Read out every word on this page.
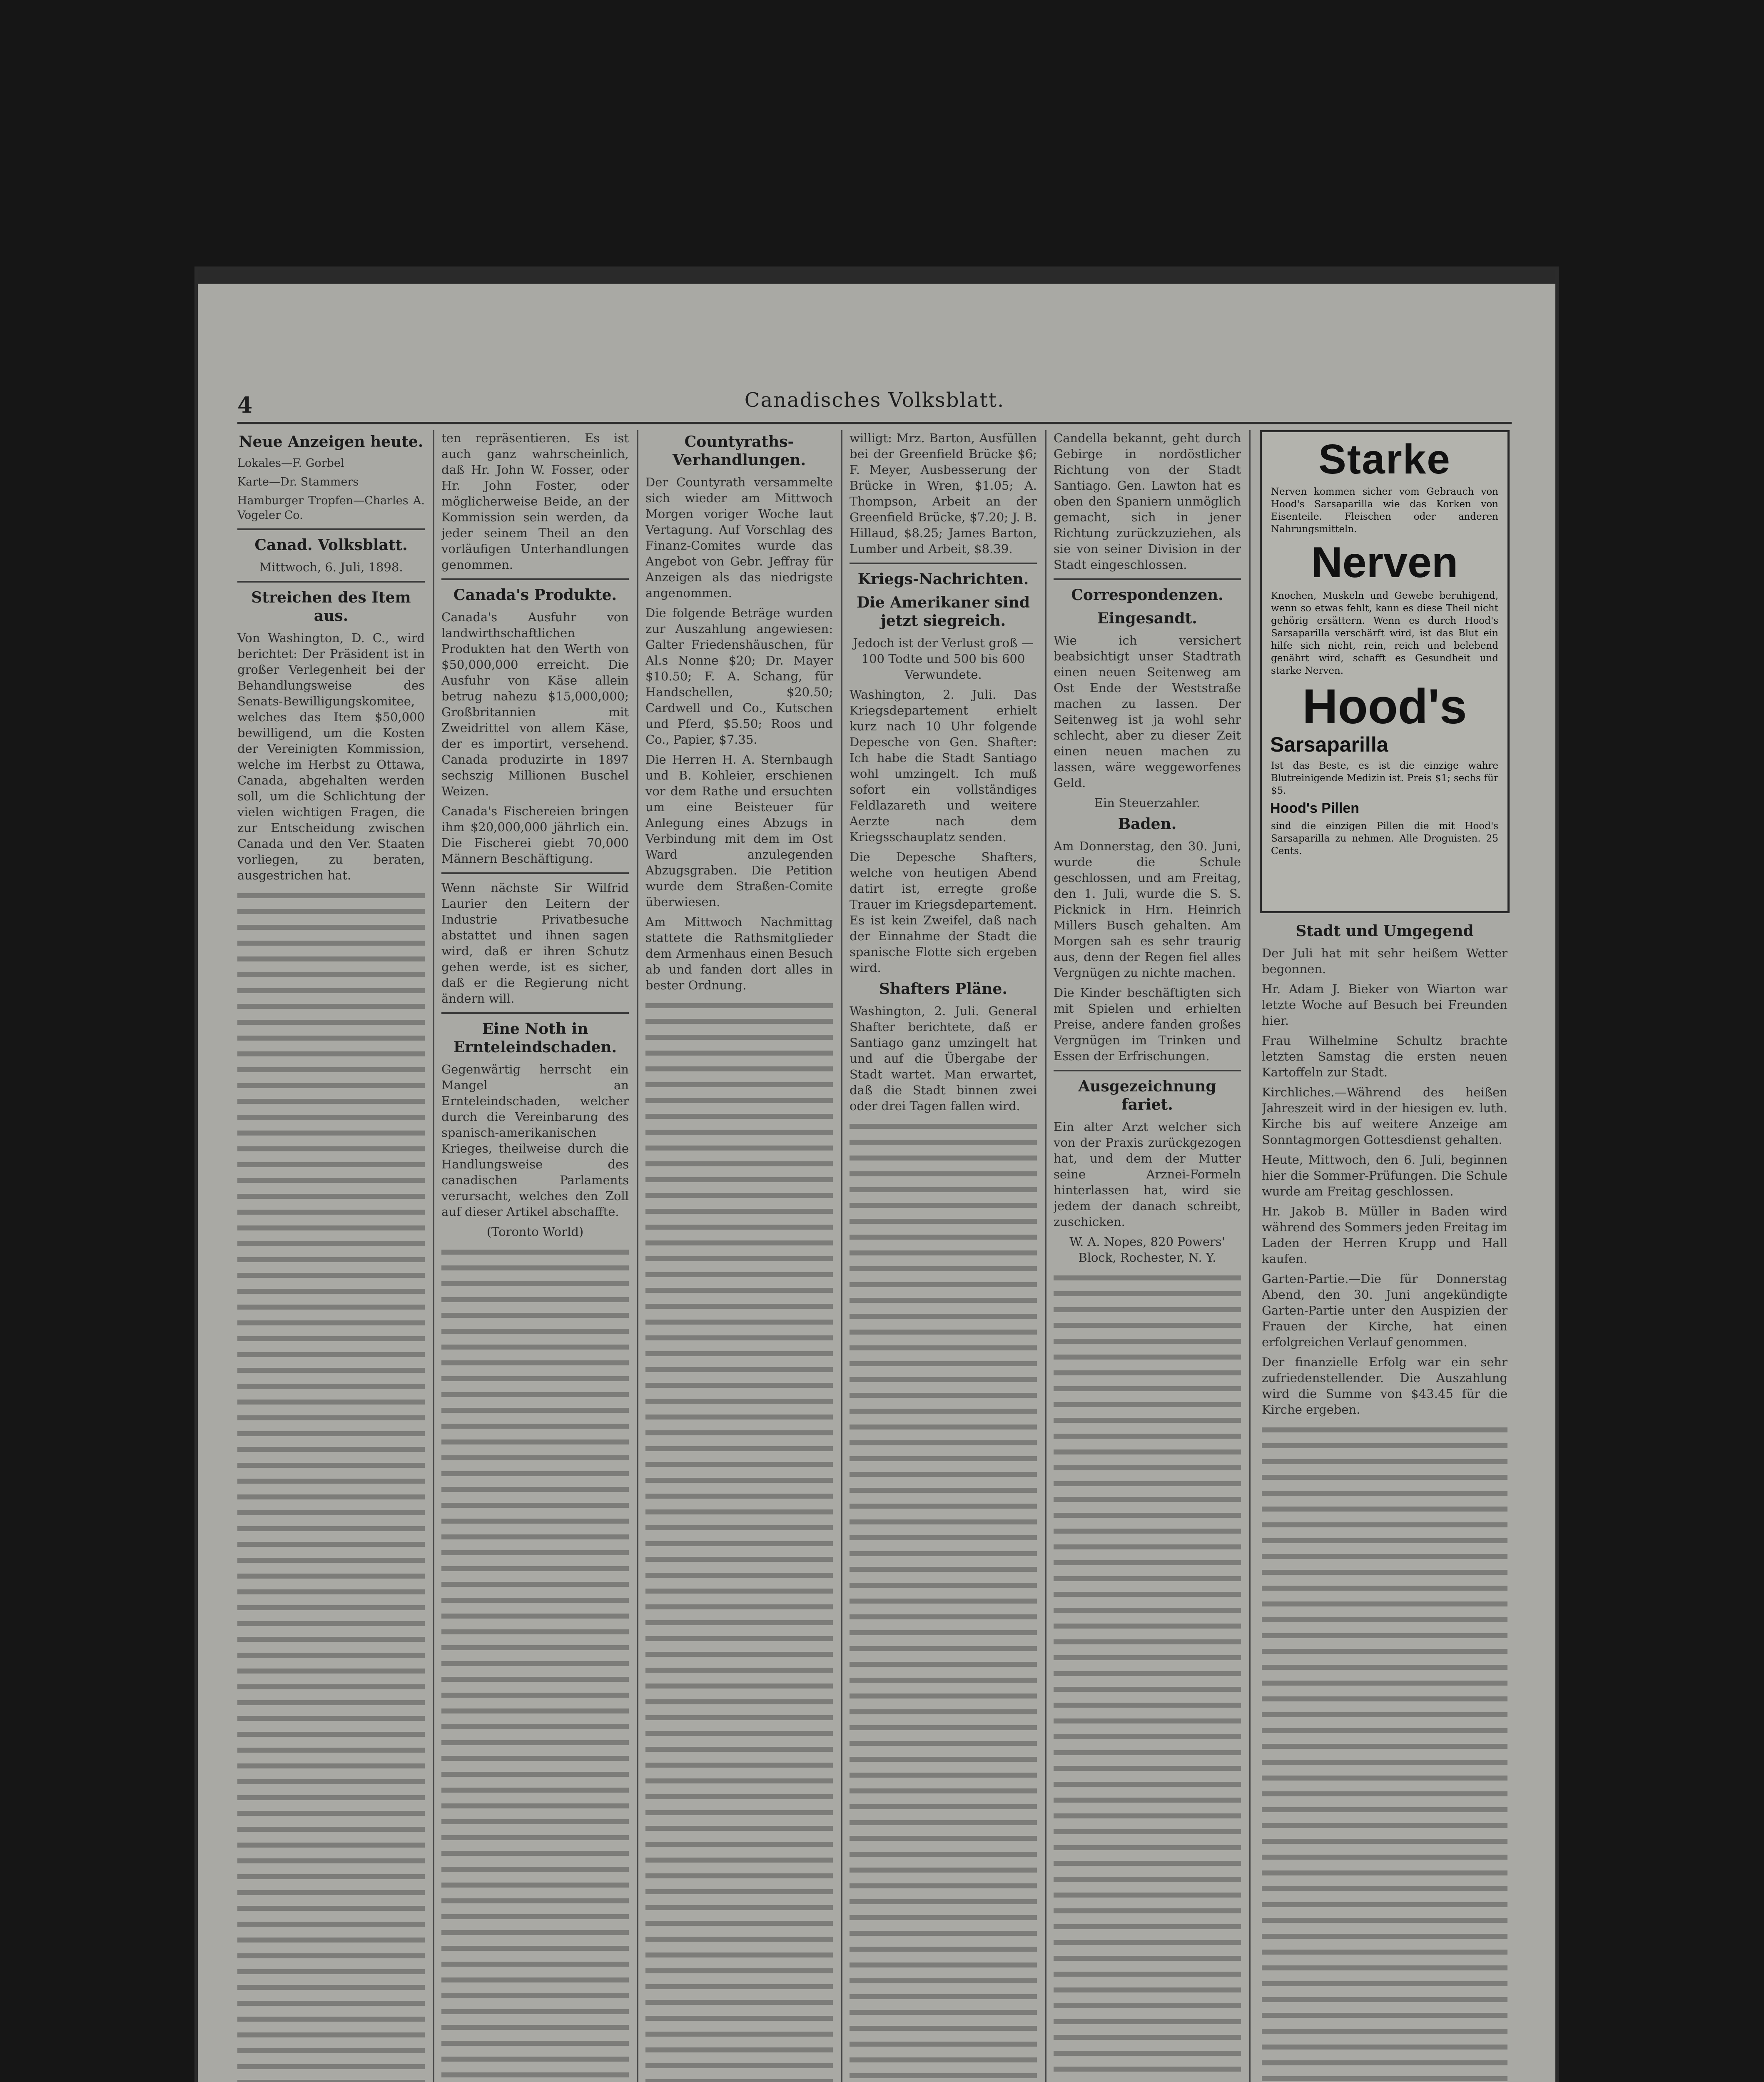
4	Canadisches Volksblatt.
Neue Anzeigen heute.

Lokales—F. Gorbel

Karte—Dr. Stammers

Hamburger Tropfen—Charles A. Vogeler Co.

Canad. Volksblatt.

Mittwoch, 6. Juli, 1898.

Streichen des Item aus.

Von Washington, D. C., wird berichtet: Der Präsident ist in großer Verlegenheit bei der Behandlungsweise des Senats-Bewilligungskomitee, welches das Item $50,000 bewilligend, um die Kosten der Vereinigten Kommission, welche im Herbst zu Ottawa, Canada, abgehalten werden soll, um die Schlichtung der vielen wichtigen Fragen, die zur Entscheidung zwischen Canada und den Ver. Staaten vorliegen, zu beraten, ausgestrichen hat.

ten repräsentieren. Es ist auch ganz wahrscheinlich, daß Hr. John W. Fosser, oder Hr. John Foster, oder möglicherweise Beide, an der Kommission sein werden, da jeder seinem Theil an den vorläufigen Unterhandlungen genommen.

Canada's Produkte.

Canada's Ausfuhr von landwirthschaftlichen Produkten hat den Werth von $50,000,000 erreicht. Die Ausfuhr von Käse allein betrug nahezu $15,000,000; Großbritannien mit Zweidrittel von allem Käse, der es importirt, versehend. Canada produzirte in 1897 sechszig Millionen Buschel Weizen.

Canada's Fischereien bringen ihm $20,000,000 jährlich ein. Die Fischerei giebt 70,000 Männern Beschäftigung.

Wenn nächste Sir Wilfrid Laurier den Leitern der Industrie Privatbesuche abstattet und ihnen sagen wird, daß er ihren Schutz gehen werde, ist es sicher, daß er die Regierung nicht ändern will.

Eine Noth in Ernteleindschaden.

Gegenwärtig herrscht ein Mangel an Ernteleindschaden, welcher durch die Vereinbarung des spanisch-amerikanischen Krieges, theilweise durch die Handlungsweise des canadischen Parlaments verursacht, welches den Zoll auf dieser Artikel abschaffte.

(Toronto World)

Countyraths-Verhandlungen.

Der Countyrath versammelte sich wieder am Mittwoch Morgen voriger Woche laut Vertagung. Auf Vorschlag des Finanz-Comites wurde das Angebot von Gebr. Jeffray für Anzeigen als das niedrigste angenommen.

Die folgende Beträge wurden zur Auszahlung angewiesen: Galter Friedenshäuschen, für Al.s Nonne $20; Dr. Mayer $10.50; F. A. Schang, für Handschellen, $20.50; Cardwell und Co., Kutschen und Pferd, $5.50; Roos und Co., Papier, $7.35.

Die Herren H. A. Sternbaugh und B. Kohleier, erschienen vor dem Rathe und ersuchten um eine Beisteuer für Anlegung eines Abzugs in Verbindung mit dem im Ost Ward anzulegenden Abzugsgraben. Die Petition wurde dem Straßen-Comite überwiesen.

Am Mittwoch Nachmittag stattete die Rathsmitglieder dem Armenhaus einen Besuch ab und fanden dort alles in bester Ordnung.

willigt: Mrz. Barton, Ausfüllen bei der Greenfield Brücke $6; F. Meyer, Ausbesserung der Brücke in Wren, $1.05; A. Thompson, Arbeit an der Greenfield Brücke, $7.20; J. B. Hillaud, $8.25; James Barton, Lumber und Arbeit, $8.39.

Kriegs-Nachrichten.
Die Amerikaner sind jetzt siegreich.

Jedoch ist der Verlust groß — 100 Todte und 500 bis 600 Verwundete.

Washington, 2. Juli. Das Kriegsdepartement erhielt kurz nach 10 Uhr folgende Depesche von Gen. Shafter: Ich habe die Stadt Santiago wohl umzingelt. Ich muß sofort ein vollständiges Feldlazareth und weitere Aerzte nach dem Kriegsschauplatz senden.

Die Depesche Shafters, welche von heutigen Abend datirt ist, erregte große Trauer im Kriegsdepartement. Es ist kein Zweifel, daß nach der Einnahme der Stadt die spanische Flotte sich ergeben wird.

Shafters Pläne.

Washington, 2. Juli. General Shafter berichtete, daß er Santiago ganz umzingelt hat und auf die Übergabe der Stadt wartet. Man erwartet, daß die Stadt binnen zwei oder drei Tagen fallen wird.

Candella bekannt, geht durch Gebirge in nordöstlicher Richtung von der Stadt Santiago. Gen. Lawton hat es oben den Spaniern unmöglich gemacht, sich in jener Richtung zurückzuziehen, als sie von seiner Division in der Stadt eingeschlossen.

Correspondenzen.
Eingesandt.

Wie ich versichert beabsichtigt unser Stadtrath einen neuen Seitenweg am Ost Ende der Weststraße machen zu lassen. Der Seitenweg ist ja wohl sehr schlecht, aber zu dieser Zeit einen neuen machen zu lassen, wäre weggeworfenes Geld.

Ein Steuerzahler.

Baden.

Am Donnerstag, den 30. Juni, wurde die Schule geschlossen, und am Freitag, den 1. Juli, wurde die S. S. Picknick in Hrn. Heinrich Millers Busch gehalten. Am Morgen sah es sehr traurig aus, denn der Regen fiel alles Vergnügen zu nichte machen.

Die Kinder beschäftigten sich mit Spielen und erhielten Preise, andere fanden großes Vergnügen im Trinken und Essen der Erfrischungen.

Ausgezeichnung fariet.

Ein alter Arzt welcher sich von der Praxis zurückgezogen hat, und dem der Mutter seine Arznei-Formeln hinterlassen hat, wird sie jedem der danach schreibt, zuschicken.

W. A. Nopes, 820 Powers' Block, Rochester, N. Y.

Starke
Nerven kommen sicher vom Gebrauch von Hood's Sarsaparilla wie das Korken von Eisenteile. Fleischen oder anderen Nahrungsmitteln.
Nerven
Knochen, Muskeln und Gewebe beruhigend, wenn so etwas fehlt, kann es diese Theil nicht gehörig ersättern. Wenn es durch Hood's Sarsaparilla verschärft wird, ist das Blut ein hilfe sich nicht, rein, reich und belebend genährt wird, schafft es Gesundheit und starke Nerven.
Hood's
Sarsaparilla
Ist das Beste, es ist die einzige wahre Blutreinigende Medizin ist. Preis $1; sechs für $5.
Hood's Pillen
sind die einzigen Pillen die mit Hood's Sarsaparilla zu nehmen. Alle Droguisten. 25 Cents.
Stadt und Umgegend

Der Juli hat mit sehr heißem Wetter begonnen.

Hr. Adam J. Bieker von Wiarton war letzte Woche auf Besuch bei Freunden hier.

Frau Wilhelmine Schultz brachte letzten Samstag die ersten neuen Kartoffeln zur Stadt.

Kirchliches.—Während des heißen Jahreszeit wird in der hiesigen ev. luth. Kirche bis auf weitere Anzeige am Sonntagmorgen Gottesdienst gehalten.

Heute, Mittwoch, den 6. Juli, beginnen hier die Sommer-Prüfungen. Die Schule wurde am Freitag geschlossen.

Hr. Jakob B. Müller in Baden wird während des Sommers jeden Freitag im Laden der Herren Krupp und Hall kaufen.

Garten-Partie.—Die für Donnerstag Abend, den 30. Juni angekündigte Garten-Partie unter den Auspizien der Frauen der Kirche, hat einen erfolgreichen Verlauf genommen.

Der finanzielle Erfolg war ein sehr zufriedenstellender. Die Auszahlung wird die Summe von $43.45 für die Kirche ergeben.
